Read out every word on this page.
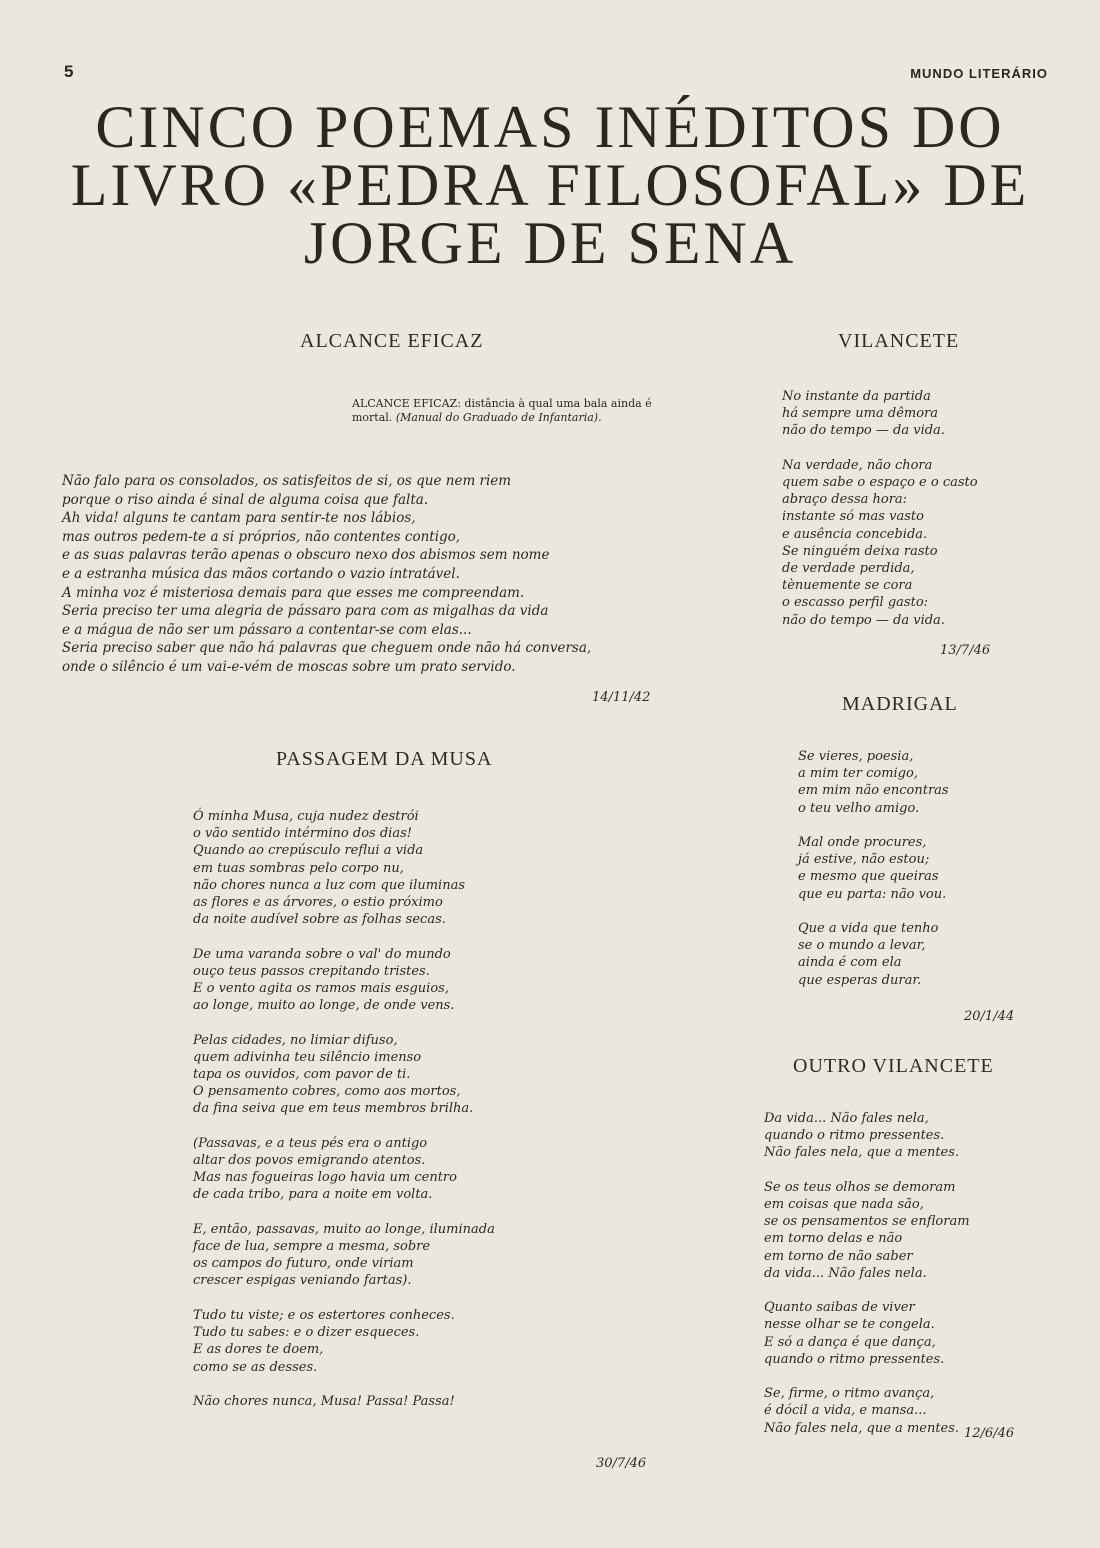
5	MUNDO LITERÁRIO
CINCO POEMAS INÉDITOS DO
LIVRO «PEDRA FILOSOFAL» DE
JORGE DE SENA
ALCANCE EFICAZ
ALCANCE EFICAZ: distância à qual uma bala ainda é mortal. (Manual do Graduado de Infantaria).
Não falo para os consolados, os satisfeitos de si, os que nem riem
porque o riso ainda é sinal de alguma coisa que falta.
Ah vida! alguns te cantam para sentir-te nos lábios,
mas outros pedem-te a si próprios, não contentes contigo,
e as suas palavras terão apenas o obscuro nexo dos abismos sem nome
e a estranha música das mãos cortando o vazio intratável.
A minha voz é misteriosa demais para que esses me compreendam.
Seria preciso ter uma alegria de pássaro para com as migalhas da vida
e a mágua de não ser um pássaro a contentar-se com elas...
Seria preciso saber que não há palavras que cheguem onde não há conversa,
onde o silêncio é um vai-e-vém de moscas sobre um prato servido.
14/11/42
PASSAGEM DA MUSA
Ó minha Musa, cuja nudez destrói
o vão sentido intérmino dos dias!
Quando ao crepúsculo reflui a vida
em tuas sombras pelo corpo nu,
não chores nunca a luz com que iluminas
as flores e as árvores, o estio próximo
da noite audível sobre as folhas secas.

De uma varanda sobre o val' do mundo
ouço teus passos crepitando tristes.
E o vento agita os ramos mais esguios,
ao longe, muito ao longe, de onde vens.

Pelas cidades, no limiar difuso,
quem adivinha teu silêncio imenso
tapa os ouvidos, com pavor de ti.
O pensamento cobres, como aos mortos,
da fina seiva que em teus membros brilha.

(Passavas, e a teus pés era o antigo
altar dos povos emigrando atentos.
Mas nas fogueiras logo havia um centro
de cada tribo, para a noite em volta.

E, então, passavas, muito ao longe, iluminada
face de lua, sempre a mesma, sobre
os campos do futuro, onde viriam
crescer espigas veniando fartas).

Tudo tu viste; e os estertores conheces.
Tudo tu sabes: e o dizer esqueces.
E as dores te doem,
como se as desses.

Não chores nunca, Musa! Passa! Passa!
30/7/46
VILANCETE
No instante da partida
há sempre uma dêmora
não do tempo — da vida.

Na verdade, não chora
quem sabe o espaço e o casto
abraço dessa hora:
instante só mas vasto
e ausência concebida.
Se ninguém deixa rasto
de verdade perdida,
tènuemente se cora
o escasso perfil gasto:
não do tempo — da vida.
13/7/46
MADRIGAL
Se vieres, poesia,
a mim ter comigo,
em mim não encontras
o teu velho amigo.

Mal onde procures,
já estive, não estou;
e mesmo que queiras
que eu parta: não vou.

Que a vida que tenho
se o mundo a levar,
ainda é com ela
que esperas durar.
20/1/44
OUTRO VILANCETE
Da vida... Não fales nela,
quando o ritmo pressentes.
Não fales nela, que a mentes.

Se os teus olhos se demoram
em coisas que nada são,
se os pensamentos se enfloram
em torno delas e não
em torno de não saber
da vida... Não fales nela.

Quanto saibas de viver
nesse olhar se te congela.
E só a dança é que dança,
quando o ritmo pressentes.

Se, firme, o ritmo avança,
é dócil a vida, e mansa...
Não fales nela, que a mentes. 12/6/46
